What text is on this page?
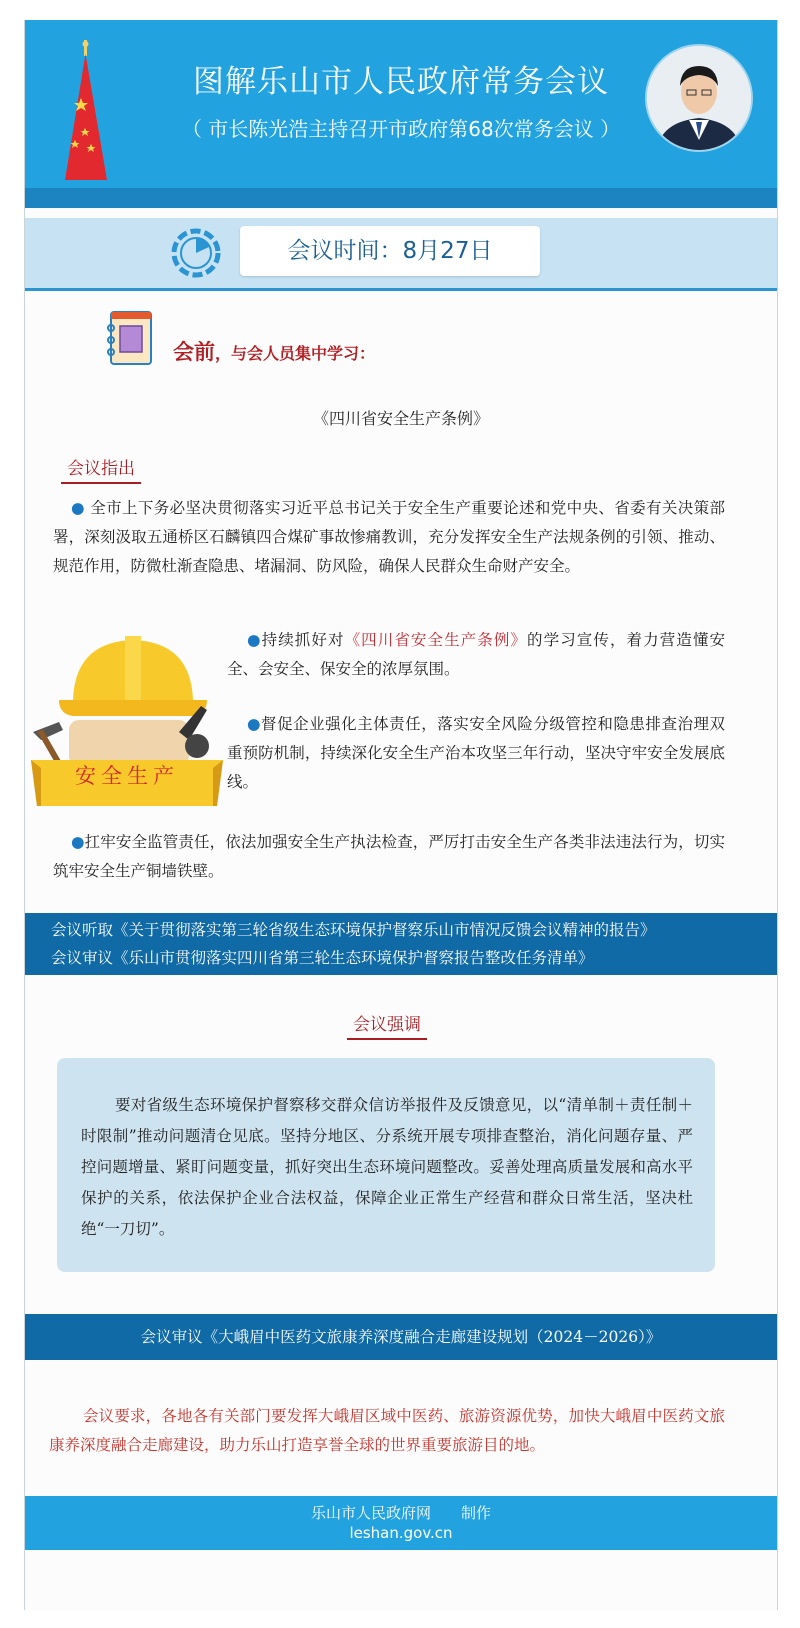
图解乐山市人民政府常务会议
（ 市长陈光浩主持召开市政府第68次常务会议 ）
会议时间：8月27日
会前，与会人员集中学习：
《四川省安全生产条例》
会议指出

● 全市上下务必坚决贯彻落实习近平总书记关于安全生产重要论述和党中央、省委有关决策部署，深刻汲取五通桥区石麟镇四合煤矿事故惨痛教训，充分发挥安全生产法规条例的引领、推动、规范作用，防微杜渐查隐患、堵漏洞、防风险，确保人民群众生命财产安全。

安全生产

●持续抓好对《四川省安全生产条例》的学习宣传，着力营造懂安全、会安全、保安全的浓厚氛围。

●督促企业强化主体责任，落实安全风险分级管控和隐患排查治理双重预防机制，持续深化安全生产治本攻坚三年行动，坚决守牢安全发展底线。

●扛牢安全监管责任，依法加强安全生产执法检查，严厉打击安全生产各类非法违法行为，切实筑牢安全生产铜墙铁壁。

会议听取《关于贯彻落实第三轮省级生态环境保护督察乐山市情况反馈会议精神的报告》
会议审议《乐山市贯彻落实四川省第三轮生态环境保护督察报告整改任务清单》
会议强调

要对省级生态环境保护督察移交群众信访举报件及反馈意见，以“清单制＋责任制＋时限制”推动问题清仓见底。坚持分地区、分系统开展专项排查整治，消化问题存量、严控问题增量、紧盯问题变量，抓好突出生态环境问题整改。妥善处理高质量发展和高水平保护的关系，依法保护企业合法权益，保障企业正常生产经营和群众日常生活，坚决杜绝“一刀切”。

会议审议《大峨眉中医药文旅康养深度融合走廊建设规划（2024－2026）》

会议要求，各地各有关部门要发挥大峨眉区域中医药、旅游资源优势，加快大峨眉中医药文旅康养深度融合走廊建设，助力乐山打造享誉全球的世界重要旅游目的地。

乐山市人民政府网 制作
leshan.gov.cn
